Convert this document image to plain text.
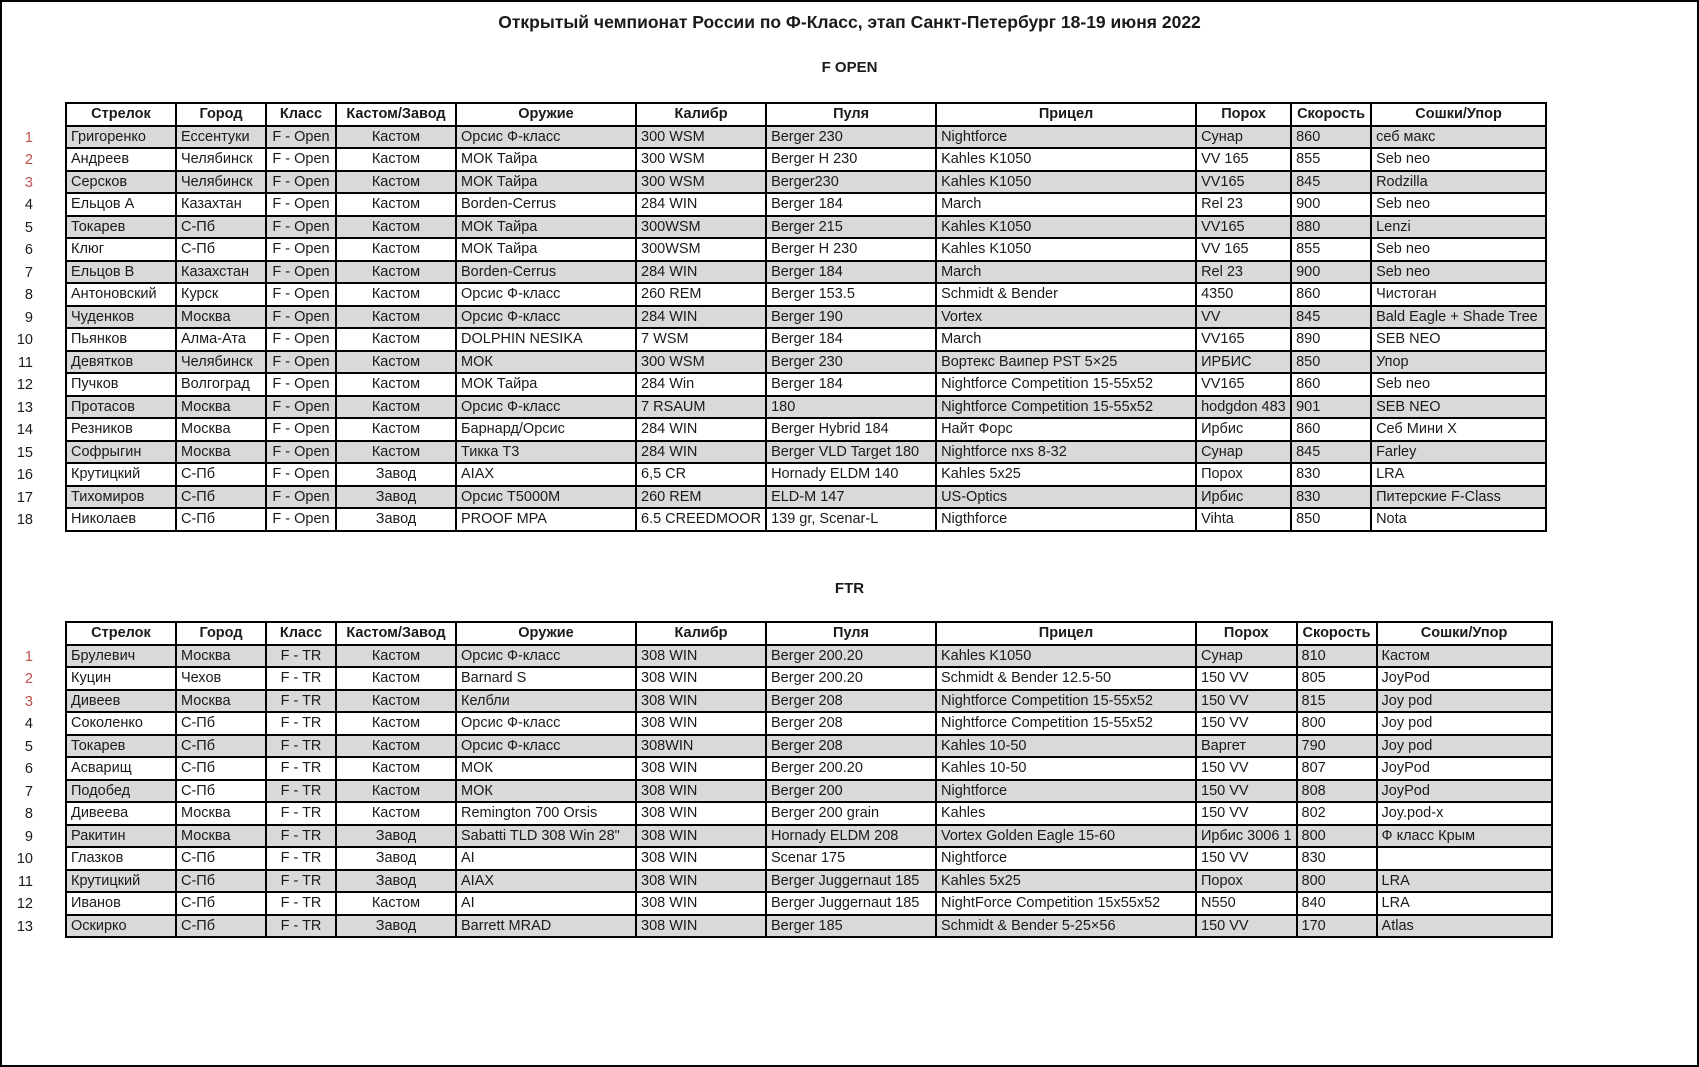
Открытый чемпионат России по Ф-Класс, этап Санкт-Петербург 18-19 июня 2022
F OPEN
	Стрелок	Город	Класс	Кастом/Завод	Оружие	Калибр	Пуля	Прицел	Порох	Скорость	Сошки/Упор
1	Григоренко	Ессентуки	F - Open	Кастом	Орсис Ф-класс	300 WSM	Berger 230	Nightforce	Сунар	860	себ макс
2	Андреев	Челябинск	F - Open	Кастом	МОК Тайра	300 WSM	Berger H 230	Kahles K1050	VV 165	855	Seb neo
3	Серсков	Челябинск	F - Open	Кастом	МОК Тайра	300 WSM	Berger230	Kahles K1050	VV165	845	Rodzilla
4	Ельцов А	Казахтан	F - Open	Кастом	Borden-Cerrus	284 WIN	Berger 184	March	Rel 23	900	Seb neo
5	Токарев	С-Пб	F - Open	Кастом	МОК Тайра	300WSM	Berger 215	Kahles K1050	VV165	880	Lenzi
6	Клюг	С-Пб	F - Open	Кастом	МОК Тайра	300WSM	Berger H 230	Kahles K1050	VV 165	855	Seb neo
7	Ельцов В	Казахстан	F - Open	Кастом	Borden-Cerrus	284 WIN	Berger 184	March	Rel 23	900	Seb neo
8	Антоновский	Курск	F - Open	Кастом	Орсис Ф-класс	260 REM	Berger 153.5	Schmidt & Bender	4350	860	Чистоган
9	Чуденков	Москва	F - Open	Кастом	Орсис Ф-класс	284 WIN	Berger 190	Vortex	VV	845	Bald Eagle + Shade Tree
10	Пьянков	Алма-Ата	F - Open	Кастом	DOLPHIN NESIKA	7 WSM	Berger 184	March	VV165	890	SEB NEO
11	Девятков	Челябинск	F - Open	Кастом	МОК	300 WSM	Berger 230	Вортекс Ваипер PST 5×25	ИРБИС	850	Упор
12	Пучков	Волгоград	F - Open	Кастом	МОК Тайра	284 Win	Berger 184	Nightforce Competition 15-55x52	VV165	860	Seb neo
13	Протасов	Москва	F - Open	Кастом	Орсис Ф-класс	7 RSAUM	180	Nightforce Competition 15-55x52	hodgdon 483	901	SEB NEO
14	Резников	Москва	F - Open	Кастом	Барнард/Орсис	284 WIN	Berger Hybrid 184	Найт Форс	Ирбис	860	Себ Мини Х
15	Софрыгин	Москва	F - Open	Кастом	Тикка Т3	284 WIN	Berger VLD Target 180	Nightforce nxs 8-32	Сунар	845	Farley
16	Крутицкий	С-Пб	F - Open	Завод	AIAX	6,5 CR	Hornady ELDM 140	Kahles 5x25	Порох	830	LRA
17	Тихомиров	С-Пб	F - Open	Завод	Орсис Т5000М	260 REM	ELD-M 147	US-Optics	Ирбис	830	Питерские F-Class
18	Николаев	С-Пб	F - Open	Завод	PROOF MPA	6.5 CREEDMOOR	139 gr, Scenar-L	Nigthforce	Vihta	850	Nota
FTR
	Стрелок	Город	Класс	Кастом/Завод	Оружие	Калибр	Пуля	Прицел	Порох	Скорость	Сошки/Упор
1	Брулевич	Москва	F - TR	Кастом	Орсис Ф-класс	308 WIN	Berger 200.20	Kahles K1050	Сунар	810	Кастом
2	Куцин	Чехов	F - TR	Кастом	Barnard S	308 WIN	Berger 200.20	Schmidt & Bender 12.5-50	150 VV	805	JoyPod
3	Дивеев	Москва	F - TR	Кастом	Келбли	308 WIN	Berger 208	Nightforce Competition 15-55x52	150 VV	815	Joy pod
4	Соколенко	С-Пб	F - TR	Кастом	Орсис Ф-класс	308 WIN	Berger 208	Nightforce Competition 15-55x52	150 VV	800	Joy pod
5	Токарев	С-Пб	F - TR	Кастом	Орсис Ф-класс	308WIN	Berger 208	Kahles 10-50	Варгет	790	Joy pod
6	Асварищ	С-Пб	F - TR	Кастом	МОК	308 WIN	Berger 200.20	Kahles 10-50	150 VV	807	JoyPod
7	Подобед	С-Пб	F - TR	Кастом	МОК	308 WIN	Berger 200	Nightforce	150 VV	808	JoyPod
8	Дивеева	Москва	F - TR	Кастом	Remington 700 Orsis	308 WIN	Berger 200 grain	Kahles	150 VV	802	Joy.pod-x
9	Ракитин	Москва	F - TR	Завод	Sabatti TLD 308 Win 28"	308 WIN	Hornady ELDM 208	Vortex Golden Eagle 15-60	Ирбис 3006 1	800	Ф класс Крым
10	Глазков	С-Пб	F - TR	Завод	AI	308 WIN	Scenar 175	Nightforce	150 VV	830	
11	Крутицкий	С-Пб	F - TR	Завод	AIAX	308 WIN	Berger Juggernaut 185	Kahles 5x25	Порох	800	LRA
12	Иванов	С-Пб	F - TR	Кастом	AI	308 WIN	Berger Juggernaut 185	NightForce Competition 15x55x52	N550	840	LRA
13	Оскирко	С-Пб	F - TR	Завод	Barrett MRAD	308 WIN	Berger 185	Schmidt & Bender 5-25×56	150 VV	170	Atlas
